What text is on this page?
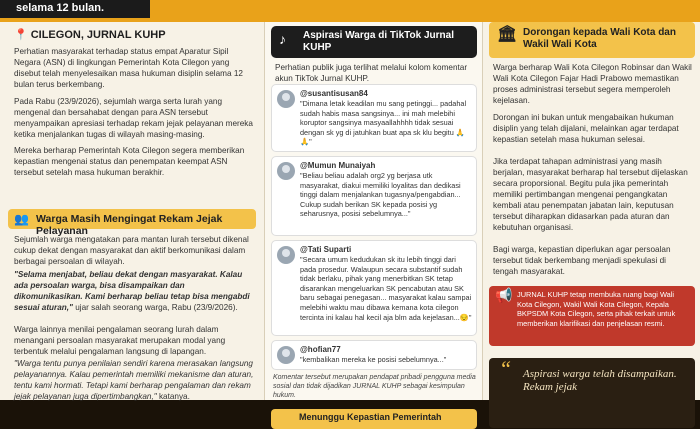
selama 12 bulan.
📍 CILEGON, JURNAL KUHP
Perhatian masyarakat terhadap status empat Aparatur Sipil Negara (ASN) di lingkungan Pemerintah Kota Cilegon yang disebut telah menyelesaikan masa hukuman disiplin selama 12 bulan terus berkembang.
Pada Rabu (23/9/2026), sejumlah warga serta lurah yang mengenal dan bersahabat dengan para ASN tersebut menyampaikan apresiasi terhadap rekam jejak pelayanan mereka ketika menjalankan tugas di wilayah masing-masing.
Mereka berharap Pemerintah Kota Cilegon segera memberikan kepastian mengenai status dan penempatan keempat ASN tersebut setelah masa hukuman berakhir.
👥 Warga Masih Mengingat Rekam Jejak Pelayanan
Sejumlah warga mengatakan para mantan lurah tersebut dikenal cukup dekat dengan masyarakat dan aktif berkomunikasi dalam berbagai persoalan di wilayah.
"Selama menjabat, beliau dekat dengan masyarakat. Kalau ada persoalan warga, bisa disampaikan dan dikomunikasikan. Kami berharap beliau tetap bisa mengabdi sesuai aturan," ujar salah seorang warga, Rabu (23/9/2026).
Warga lainnya menilai pengalaman seorang lurah dalam menangani persoalan masyarakat merupakan modal yang terbentuk melalui pengalaman langsung di lapangan.
"Warga tentu punya penilaian sendiri karena merasakan langsung pelayanannya. Kalau pemerintah memiliki mekanisme dan aturan, tentu kami hormati. Tetapi kami berharap pengalaman dan rekam jejak pelayanan juga dipertimbangkan," katanya.
♪ Aspirasi Warga di TikTok Jurnal KUHP
Perhatian publik juga terlihat melalui kolom komentar akun TikTok Jurnal KUHP.
@susantisusan84
"Dimana letak keadilan mu sang petinggi... padahal sudah habis masa sangsinya... ini mah melebihi koruptor sangsinya masyaallahhhh tidak sesuai dengan sk yg di jatuhkan buat apa sk klu begitu 🙏🙏"
@Mumun Munaiyah
"Beliau beliau adalah org2 yg berjasa utk masyarakat, diakui memiliki loyalitas dan dedikasi tinggi dalam menjalankan tugasnya/pengabdian... Cukup sudah berikan SK kepada posisi yg seharusnya, posisi sebelumnya..."
@Tati Suparti
"Secara umum kedudukan sk itu lebih tinggi dari pada prosedur. Walaupun secara substantif sudah tidak berlaku, pihak yang menerbitkan SK tetap disarankan mengeluarkan SK pencabutan atau SK baru sebagai penegasan... masyarakat kalau sampai melebihi waktu mau dibawa kemana kota cilegon tercinta ini kalau hal kecil aja blm ada kejelasan...😔"
@hofian77
"kembalikan mereka ke posisi sebelumnya..."
Komentar tersebut merupakan pendapat pribadi pengguna media sosial dan tidak dijadikan JURNAL KUHP sebagai kesimpulan hukum.
Menunggu Kepastian Pemerintah
🏛 Dorongan kepada Wali Kota dan Wakil Wali Kota
Warga berharap Wali Kota Cilegon Robinsar dan Wakil Wali Kota Cilegon Fajar Hadi Prabowo memastikan proses administrasi tersebut segera memperoleh kejelasan.
Dorongan ini bukan untuk mengabaikan hukuman disiplin yang telah dijalani, melainkan agar terdapat kepastian setelah masa hukuman selesai.
Jika terdapat tahapan administrasi yang masih berjalan, masyarakat berharap hal tersebut dijelaskan secara proporsional. Begitu pula jika pemerintah memiliki pertimbangan mengenai pengangkatan kembali atau penempatan jabatan lain, keputusan tersebut diharapkan didasarkan pada aturan dan kebutuhan organisasi.
Bagi warga, kepastian diperlukan agar persoalan tersebut tidak berkembang menjadi spekulasi di tengah masyarakat.
📢 JURNAL KUHP tetap membuka ruang bagi Wali Kota Cilegon, Wakil Wali Kota Cilegon, Kepala BKPSDM Kota Cilegon, serta pihak terkait untuk memberikan klarifikasi dan penjelasan resmi.
“ Aspirasi warga telah disampaikan. Rekam jejak
